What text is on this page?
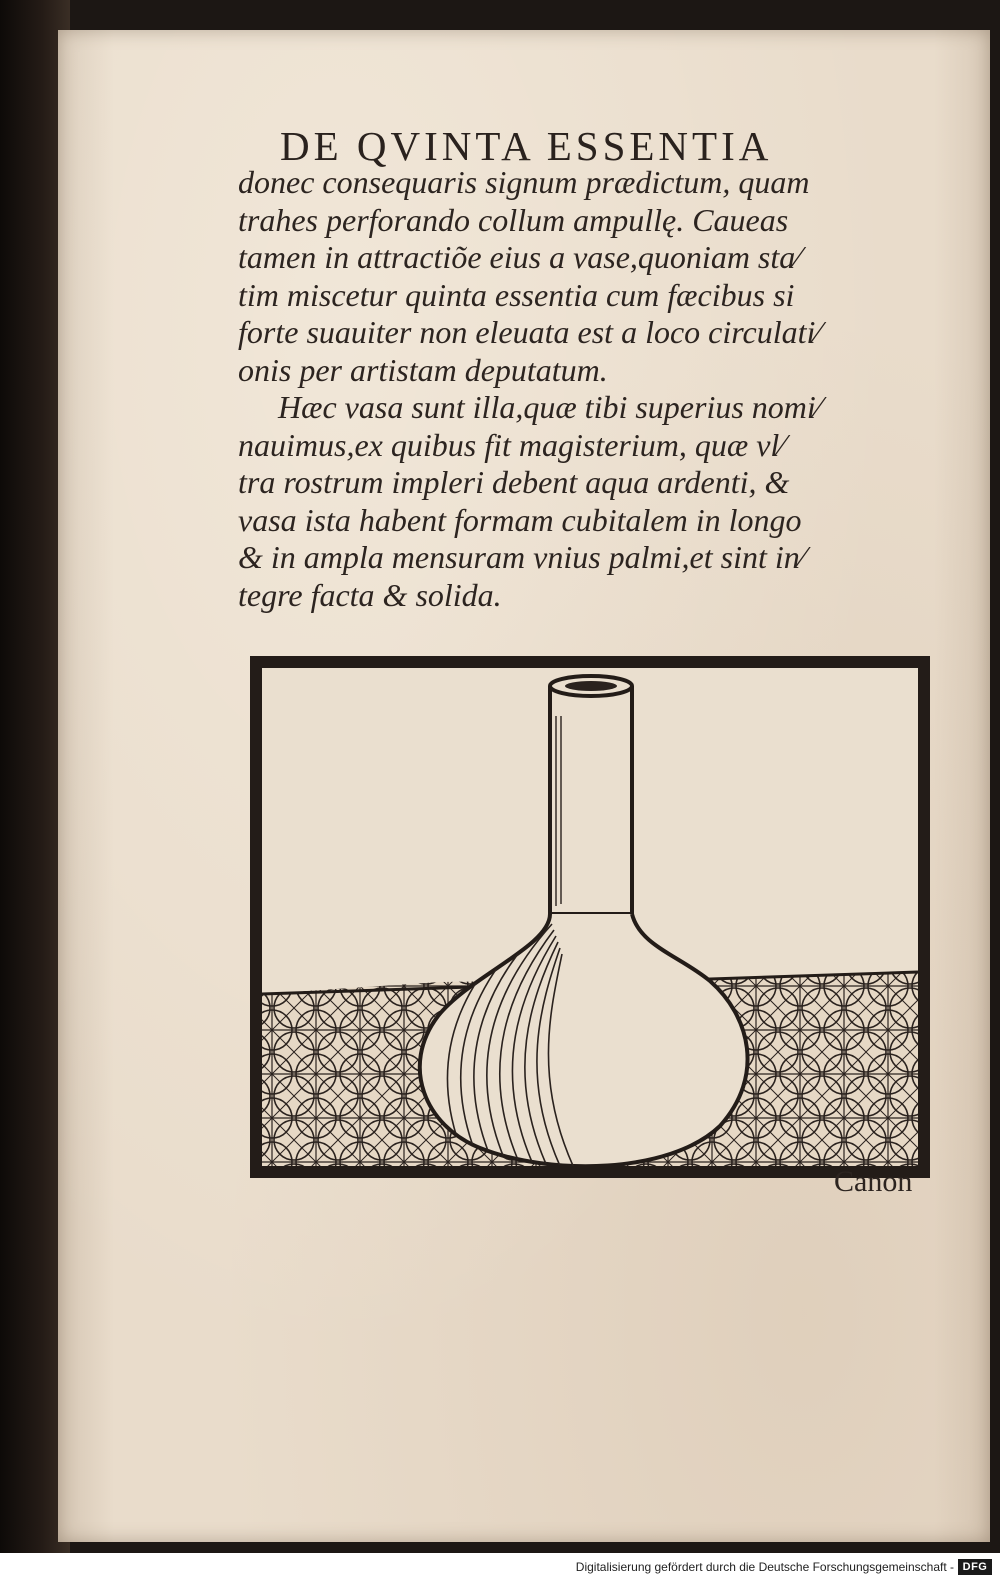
DE QVINTA ESSENTIA
donec consequaris signum prædictum, quam
trahes perforando collum ampullę. Caueas
tamen in attractiõe eius a vase,quoniam sta⁄
tim miscetur quinta essentia cum fæcibus si
forte suauiter non eleuata est a loco circulati⁄
onis per artistam deputatum.
Hæc vasa sunt illa,quæ tibi superius nomi⁄
nauimus,ex quibus fit magisterium, quæ vl⁄
tra rostrum impleri debent aqua ardenti, &
vasa ista habent formam cubitalem in longo
& in ampla mensuram vnius palmi,et sint in⁄
tegre facta & solida.
Canon
Digitalisierung gefördert durch die Deutsche Forschungsgemeinschaft - DFG
